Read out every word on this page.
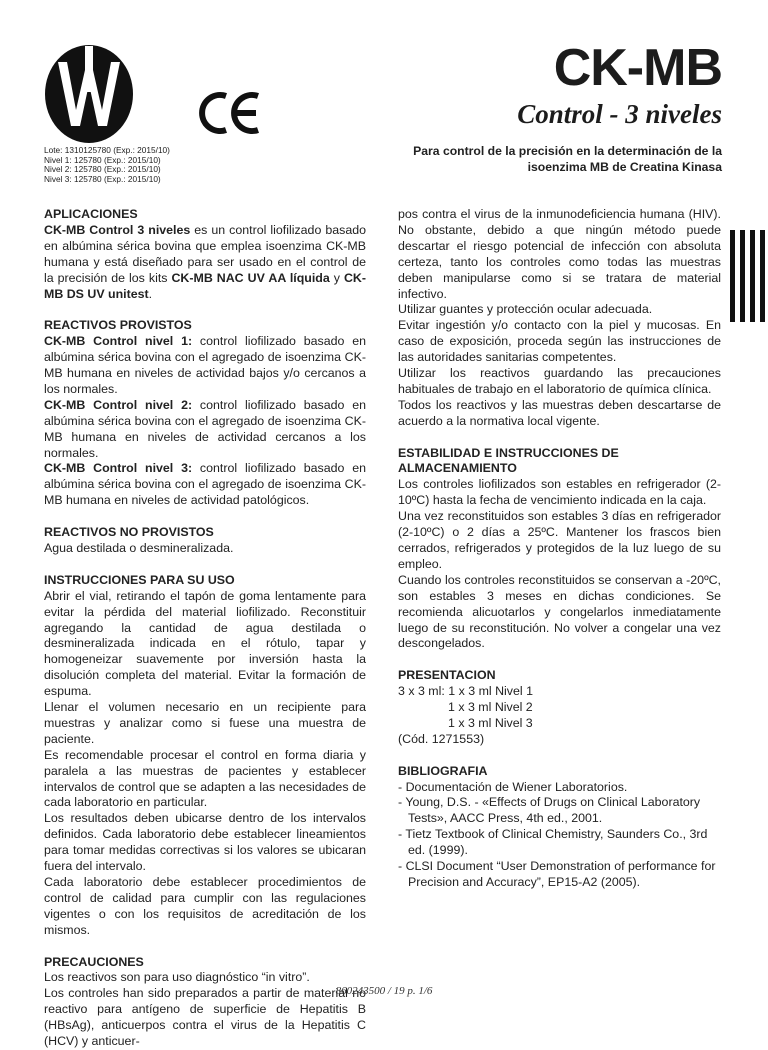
CK-MB
Control - 3 niveles
Lote: 1310125780 (Exp.: 2015/10)
Nivel 1: 125780 (Exp.: 2015/10)
Nivel 2: 125780 (Exp.: 2015/10)
Nivel 3: 125780 (Exp.: 2015/10)
Para control de la precisión en la determinación de la
isoenzima MB de Creatina Kinasa
APLICACIONES

CK-MB Control 3 niveles es un control liofilizado basado en albúmina sérica bovina que emplea isoenzima CK-MB humana y está diseñado para ser usado en el control de la precisión de los kits CK-MB NAC UV AA líquida y CK-MB DS UV unitest.

REACTIVOS PROVISTOS

CK-MB Control nivel 1: control liofilizado basado en albúmina sérica bovina con el agregado de isoenzima CK-MB humana en niveles de actividad bajos y/o cercanos a los normales.

CK-MB Control nivel 2: control liofilizado basado en albúmina sérica bovina con el agregado de isoenzima CK-MB humana en niveles de actividad cercanos a los normales.

CK-MB Control nivel 3: control liofilizado basado en albúmina sérica bovina con el agregado de isoenzima CK-MB humana en niveles de actividad patológicos.

REACTIVOS NO PROVISTOS

Agua destilada o desmineralizada.

INSTRUCCIONES PARA SU USO

Abrir el vial, retirando el tapón de goma lentamente para evitar la pérdida del material liofilizado. Reconstituir agregando la cantidad de agua destilada o desmineralizada indicada en el rótulo, tapar y homogeneizar suavemente por inversión hasta la disolución completa del material. Evitar la formación de espuma.

Llenar el volumen necesario en un recipiente para muestras y analizar como si fuese una muestra de paciente.

Es recomendable procesar el control en forma diaria y paralela a las muestras de pacientes y establecer intervalos de control que se adapten a las necesidades de cada laboratorio en particular.

Los resultados deben ubicarse dentro de los intervalos definidos. Cada laboratorio debe establecer lineamientos para tomar medidas correctivas si los valores se ubicaran fuera del intervalo.

Cada laboratorio debe establecer procedimientos de control de calidad para cumplir con las regulaciones vigentes o con los requisitos de acreditación de los mismos.

PRECAUCIONES

Los reactivos son para uso diagnóstico “in vitro”.

Los controles han sido preparados a partir de material no reactivo para antígeno de superficie de Hepatitis B (HBsAg), anticuerpos contra el virus de la Hepatitis C (HCV) y anticuer-

pos contra el virus de la inmunodeficiencia humana (HIV). No obstante, debido a que ningún método puede descartar el riesgo potencial de infección con absoluta certeza, tanto los controles como todas las muestras deben manipularse como si se tratara de material infectivo.

Utilizar guantes y protección ocular adecuada.

Evitar ingestión y/o contacto con la piel y mucosas. En caso de exposición, proceda según las instrucciones de las autoridades sanitarias competentes.

Utilizar los reactivos guardando las precauciones habituales de trabajo en el laboratorio de química clínica.

Todos los reactivos y las muestras deben descartarse de acuerdo a la normativa local vigente.

ESTABILIDAD E INSTRUCCIONES DE
ALMACENAMIENTO

Los controles liofilizados son estables en refrigerador (2-10ºC) hasta la fecha de vencimiento indicada en la caja.

Una vez reconstituidos son estables 3 días en refrigerador (2-10ºC) o 2 días a 25ºC. Mantener los frascos bien cerrados, refrigerados y protegidos de la luz luego de su empleo.

Cuando los controles reconstituidos se conservan a -20ºC, son estables 3 meses en dichas condiciones. Se recomienda alicuotarlos y congelarlos inmediatamente luego de su reconstitución. No volver a congelar una vez descongelados.

PRESENTACION
3 x 3 ml: 1 x 3 ml Nivel 1
1 x 3 ml Nivel 2
1 x 3 ml Nivel 3
(Cód. 1271553)
BIBLIOGRAFIA
- Documentación de Wiener Laboratorios.
- Young, D.S. - «Effects of Drugs on Clinical Laboratory Tests», AACC Press, 4th ed., 2001.
- Tietz Textbook of Clinical Chemistry, Saunders Co., 3rd ed. (1999).
- CLSI Document “User Demonstration of performance for Precision and Accuracy”, EP15-A2 (2005).
860243500 / 19 p. 1/6
